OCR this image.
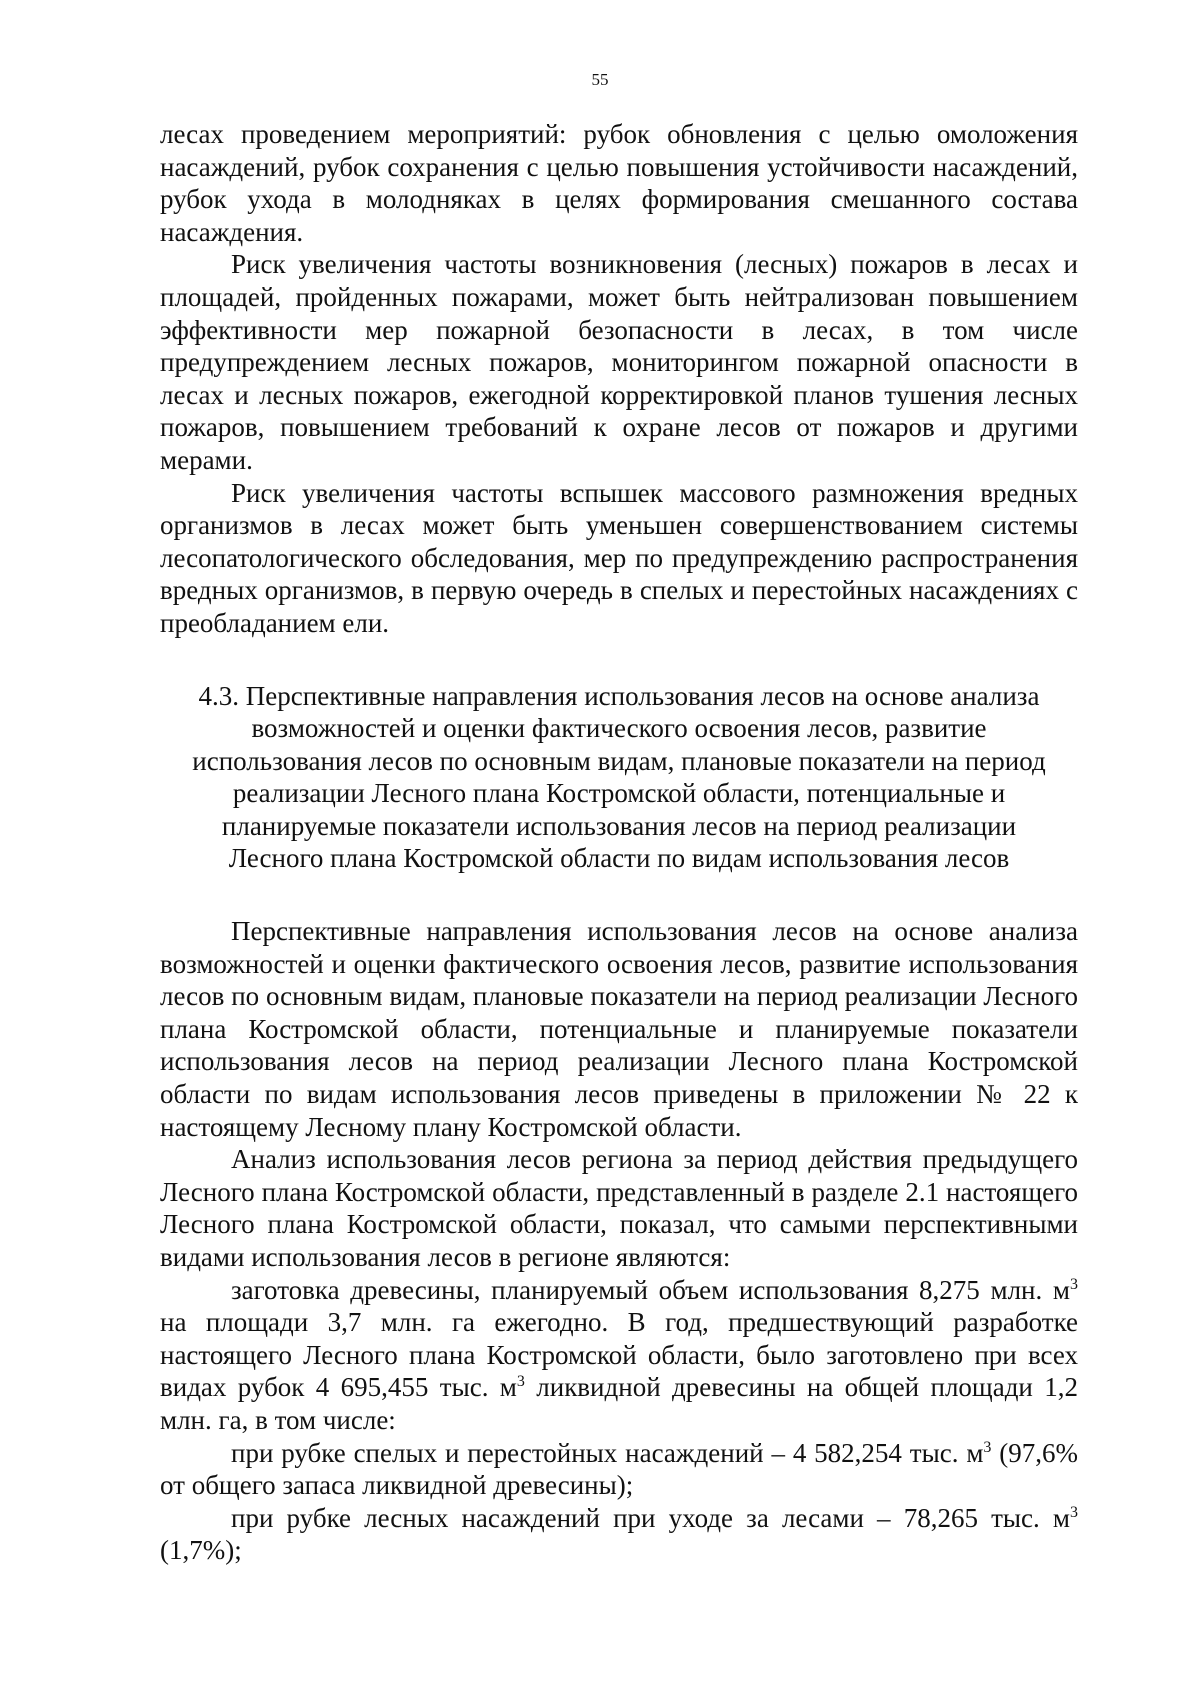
55

лесах проведением мероприятий: рубок обновления с целью омоложения насаждений, рубок сохранения с целью повышения устойчивости насаждений, рубок ухода в молодняках в целях формирования смешанного состава насаждения.

Риск увеличения частоты возникновения (лесных) пожаров в лесах и площадей, пройденных пожарами, может быть нейтрализован повышением эффективности мер пожарной безопасности в лесах, в том числе предупреждением лесных пожаров, мониторингом пожарной опасности в лесах и лесных пожаров, ежегодной корректировкой планов тушения лесных пожаров, повышением требований к охране лесов от пожаров и другими мерами.

Риск увеличения частоты вспышек массового размножения вредных организмов в лесах может быть уменьшен совершенствованием системы лесопатологического обследования, мер по предупреждению распространения вредных организмов, в первую очередь в спелых и перестойных насаждениях с преобладанием ели.

4.3. Перспективные направления использования лесов на основе анализа
возможностей и оценки фактического освоения лесов, развитие
использования лесов по основным видам, плановые показатели на период
реализации Лесного плана Костромской области, потенциальные и
планируемые показатели использования лесов на период реализации
Лесного плана Костромской области по видам использования лесов

Перспективные направления использования лесов на основе анализа возможностей и оценки фактического освоения лесов, развитие использования лесов по основным видам, плановые показатели на период реализации Лесного плана Костромской области, потенциальные и планируемые показатели использования лесов на период реализации Лесного плана Костромской области по видам использования лесов приведены в приложении № 22 к настоящему Лесному плану Костромской области.

Анализ использования лесов региона за период действия предыдущего Лесного плана Костромской области, представленный в разделе 2.1 настоящего Лесного плана Костромской области, показал, что самыми перспективными видами использования лесов в регионе являются:

заготовка древесины, планируемый объем использования 8,275 млн. $м^3$ на площади 3,7 млн. га ежегодно. В год, предшествующий разработке настоящего Лесного плана Костромской области, было заготовлено при всех видах рубок 4 695,455 тыс. $м^3$ ликвидной древесины на общей площади 1,2 млн. га, в том числе:

при рубке спелых и перестойных насаждений – 4 582,254 тыс. $м^3$ (97,6% от общего запаса ликвидной древесины);

при рубке лесных насаждений при уходе за лесами – 78,265 тыс. $м^3$ (1,7%);
